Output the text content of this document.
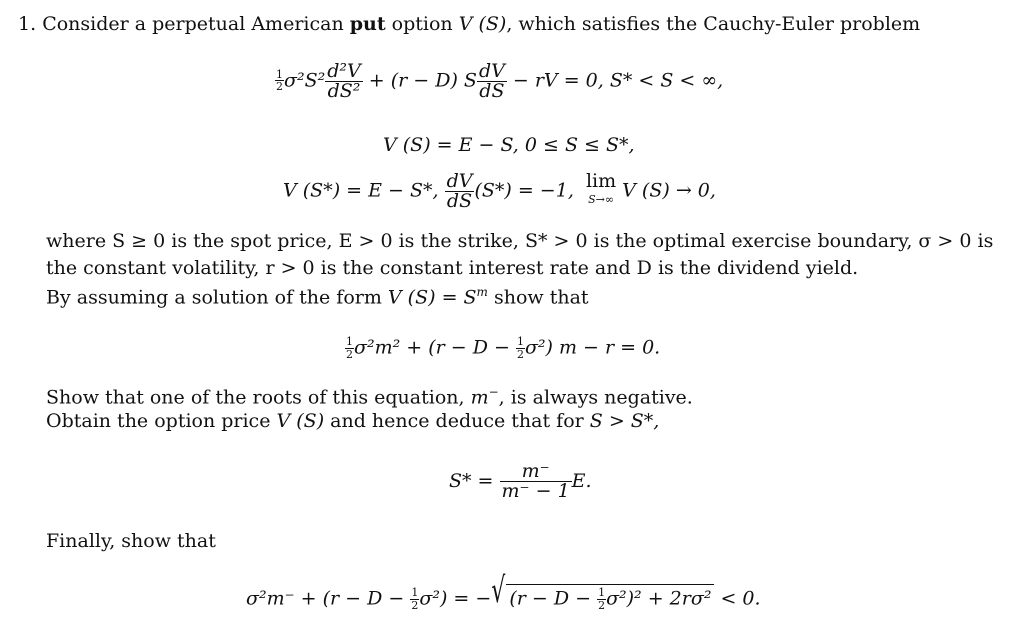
1. Consider a perpetual American put option V (S), which satisfies the Cauchy-Euler problem
$\frac{1}{2} \sigma^2S^2 \frac{\text{d²V}}{\text{dS²}} + (r - D)$ S $\frac{dV}{dS}$ − rV = 0, S* < S < ∞,
V (S) = E − S, 0 ≤ S ≤ S*,
V (S*) = E − S*, $\frac{dV}{dS} (S*) = -1$, lim
S→∞ V (S) → 0,
where S ≥ 0 is the spot price, E > 0 is the strike, S* > 0 is the optimal exercise boundary, σ > 0 is
the constant volatility, r > 0 is the constant interest rate and D is the dividend yield.
By assuming a solution of the form V $(S) = S^m$ show that
$\frac{1}{2} \sigma^2m^2 + (r - D - \frac{1}{2} \sigma^2) m - r = 0$.
Show that one of the roots of this equation, m−, is always negative.
Obtain the option price V (S) and hence deduce that for S > S*,
$S* = \frac{m^-}{m^- - 1} E$.
Finally, show that
$\sigma^2m^- + (r - D - \frac{1}{2} \sigma^2)$ = −√ $(r - D - \frac{1}{2} \sigma^2)^2 + 2r\sigma^2 < 0$.
